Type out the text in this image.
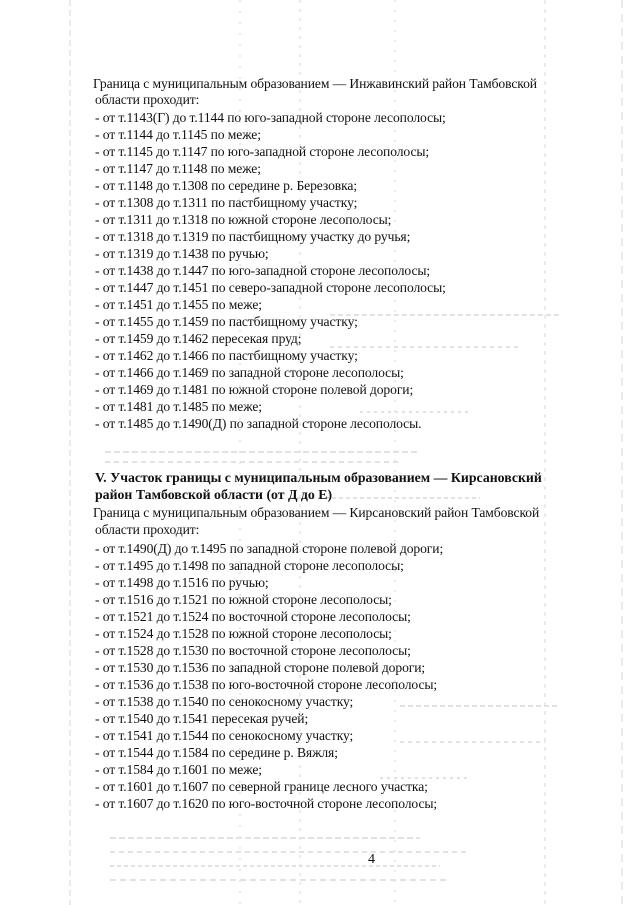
Граница с муниципальным образованием — Инжавинский район Тамбовской
области проходит:
- от т.1143(Г) до т.1144 по юго-западной стороне лесополосы;
- от т.1144 до т.1145 по меже;
- от т.1145 до т.1147 по юго-западной стороне лесополосы;
- от т.1147 до т.1148 по меже;
- от т.1148 до т.1308 по середине р. Березовка;
- от т.1308 до т.1311 по пастбищному участку;
- от т.1311 до т.1318 по южной стороне лесополосы;
- от т.1318 до т.1319 по пастбищному участку до ручья;
- от т.1319 до т.1438 по ручью;
- от т.1438 до т.1447 по юго-западной стороне лесополосы;
- от т.1447 до т.1451 по северо-западной стороне лесополосы;
- от т.1451 до т.1455 по меже;
- от т.1455 до т.1459 по пастбищному участку;
- от т.1459 до т.1462 пересекая пруд;
- от т.1462 до т.1466 по пастбищному участку;
- от т.1466 до т.1469 по западной стороне лесополосы;
- от т.1469 до т.1481 по южной стороне полевой дороги;
- от т.1481 до т.1485 по меже;
- от т.1485 до т.1490(Д) по западной стороне лесополосы.
V. Участок границы с муниципальным образованием — Кирсановский
район Тамбовской области (от Д до Е)
Граница с муниципальным образованием — Кирсановский район Тамбовской
области проходит:
- от т.1490(Д) до т.1495 по западной стороне полевой дороги;
- от т.1495 до т.1498 по западной стороне лесополосы;
- от т.1498 до т.1516 по ручью;
- от т.1516 до т.1521 по южной стороне лесополосы;
- от т.1521 до т.1524 по восточной стороне лесополосы;
- от т.1524 до т.1528 по южной стороне лесополосы;
- от т.1528 до т.1530 по восточной стороне лесополосы;
- от т.1530 до т.1536 по западной стороне полевой дороги;
- от т.1536 до т.1538 по юго-восточной стороне лесополосы;
- от т.1538 до т.1540 по сенокосному участку;
- от т.1540 до т.1541 пересекая ручей;
- от т.1541 до т.1544 по сенокосному участку;
- от т.1544 до т.1584 по середине р. Вяжля;
- от т.1584 до т.1601 по меже;
- от т.1601 до т.1607 по северной границе лесного участка;
- от т.1607 до т.1620 по юго-восточной стороне лесополосы;
4
